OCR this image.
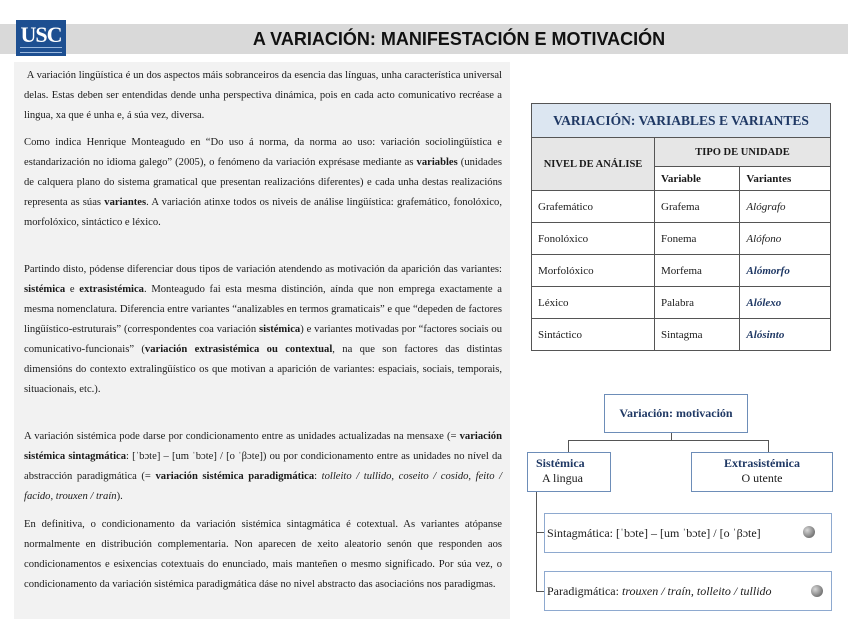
USC	A VARIACIÓN: MANIFESTACIÓN E MOTIVACIÓN

A variación lingüística é un dos aspectos máis sobranceiros da esencia das línguas, unha característica universal delas. Estas deben ser entendidas dende unha perspectiva dinámica, pois en cada acto comunicativo recréase a lingua, xa que é unha e, á súa vez, diversa.

Como indica Henrique Monteagudo en “Do uso á norma, da norma ao uso: variación sociolingüística e estandarización no idioma galego” (2005), o fenómeno da variación exprésase mediante as variables (unidades de calquera plano do sistema gramatical que presentan realizacións diferentes) e cada unha destas realizacións representa as súas variantes. A variación atinxe todos os niveis de análise lingüística: grafemático, fonolóxico, morfolóxico, sintáctico e léxico.

Partindo disto, pódense diferenciar dous tipos de variación atendendo as motivación da aparición das variantes: sistémica e extrasistémica. Monteagudo fai esta mesma distinción, aínda que non emprega exactamente a mesma nomenclatura. Diferencia entre variantes “analizables en termos gramaticais” e que “depeden de factores lingüístico-estruturais” (correspondentes coa variación sistémica) e variantes motivadas por “factores sociais ou comunicativo-funcionais” (variación extrasistémica ou contextual, na que son factores das distintas dimensións do contexto extralingüístico os que motivan a aparición de variantes: espaciais, sociais, temporais, situacionais, etc.).

A variación sistémica pode darse por condicionamento entre as unidades actualizadas na mensaxe (= variación sistémica sintagmática: [ˈbɔte] – [um ˈbɔte] / [o ˈβɔte]) ou por condicionamento entre as unidades no nível da abstracción paradigmática (= variación sistémica paradigmática: tolleito / tullido, coseito / cosido, feito / facido, trouxen / traín).

En definitiva, o condicionamento da variación sistémica sintagmática é cotextual. As variantes atópanse normalmente en distribución complementaria. Non aparecen de xeito aleatorio senón que responden aos condicionamentos e esixencias cotextuais do enunciado, mais manteñen o mesmo significado. Por súa vez, o condicionamento da variación sistémica paradigmática dáse no nivel abstracto das asociacións nos paradigmas.

VARIACIÓN: VARIABLES E VARIANTES		
NIVEL DE ANÁLISE	TIPO DE UNIDADE	
	Variable	Variantes
Grafemático	Grafema	Alógrafo
Fonolóxico	Fonema	Alófono
Morfolóxico	Morfema	Alómorfo
Léxico	Palabra	Alólexo
Sintáctico	Sintagma	Alósinto
Variación: motivación
Sistémica
A lingua
Extrasistémica
O utente
Sintagmática: [ˈbɔte] – [um ˈbɔte] / [o ˈβɔte]
Paradigmática: trouxen / traín, tolleito / tullido
